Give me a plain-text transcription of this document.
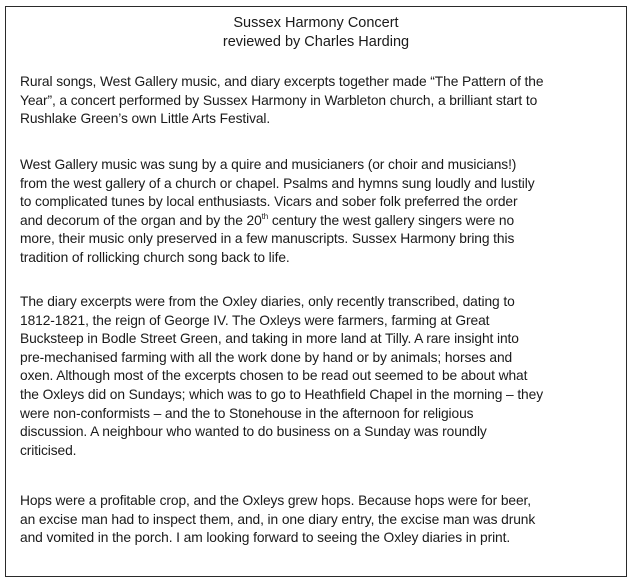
Sussex Harmony Concert
reviewed by Charles Harding
Rural songs, West Gallery music, and diary excerpts together made “The Pattern of the
Year”, a concert performed by Sussex Harmony in Warbleton church, a brilliant start to
Rushlake Green’s own Little Arts Festival.
West Gallery music was sung by a quire and musicianers (or choir and musicians!)
from the west gallery of a church or chapel. Psalms and hymns sung loudly and lustily
to complicated tunes by local enthusiasts. Vicars and sober folk preferred the order
and decorum of the organ and by the 20th century the west gallery singers were no
more, their music only preserved in a few manuscripts. Sussex Harmony bring this
tradition of rollicking church song back to life.
The diary excerpts were from the Oxley diaries, only recently transcribed, dating to
1812-1821, the reign of George IV. The Oxleys were farmers, farming at Great
Bucksteep in Bodle Street Green, and taking in more land at Tilly. A rare insight into
pre-mechanised farming with all the work done by hand or by animals; horses and
oxen. Although most of the excerpts chosen to be read out seemed to be about what
the Oxleys did on Sundays; which was to go to Heathfield Chapel in the morning – they
were non-conformists – and the to Stonehouse in the afternoon for religious
discussion. A neighbour who wanted to do business on a Sunday was roundly
criticised.
Hops were a profitable crop, and the Oxleys grew hops. Because hops were for beer,
an excise man had to inspect them, and, in one diary entry, the excise man was drunk
and vomited in the porch. I am looking forward to seeing the Oxley diaries in print.
